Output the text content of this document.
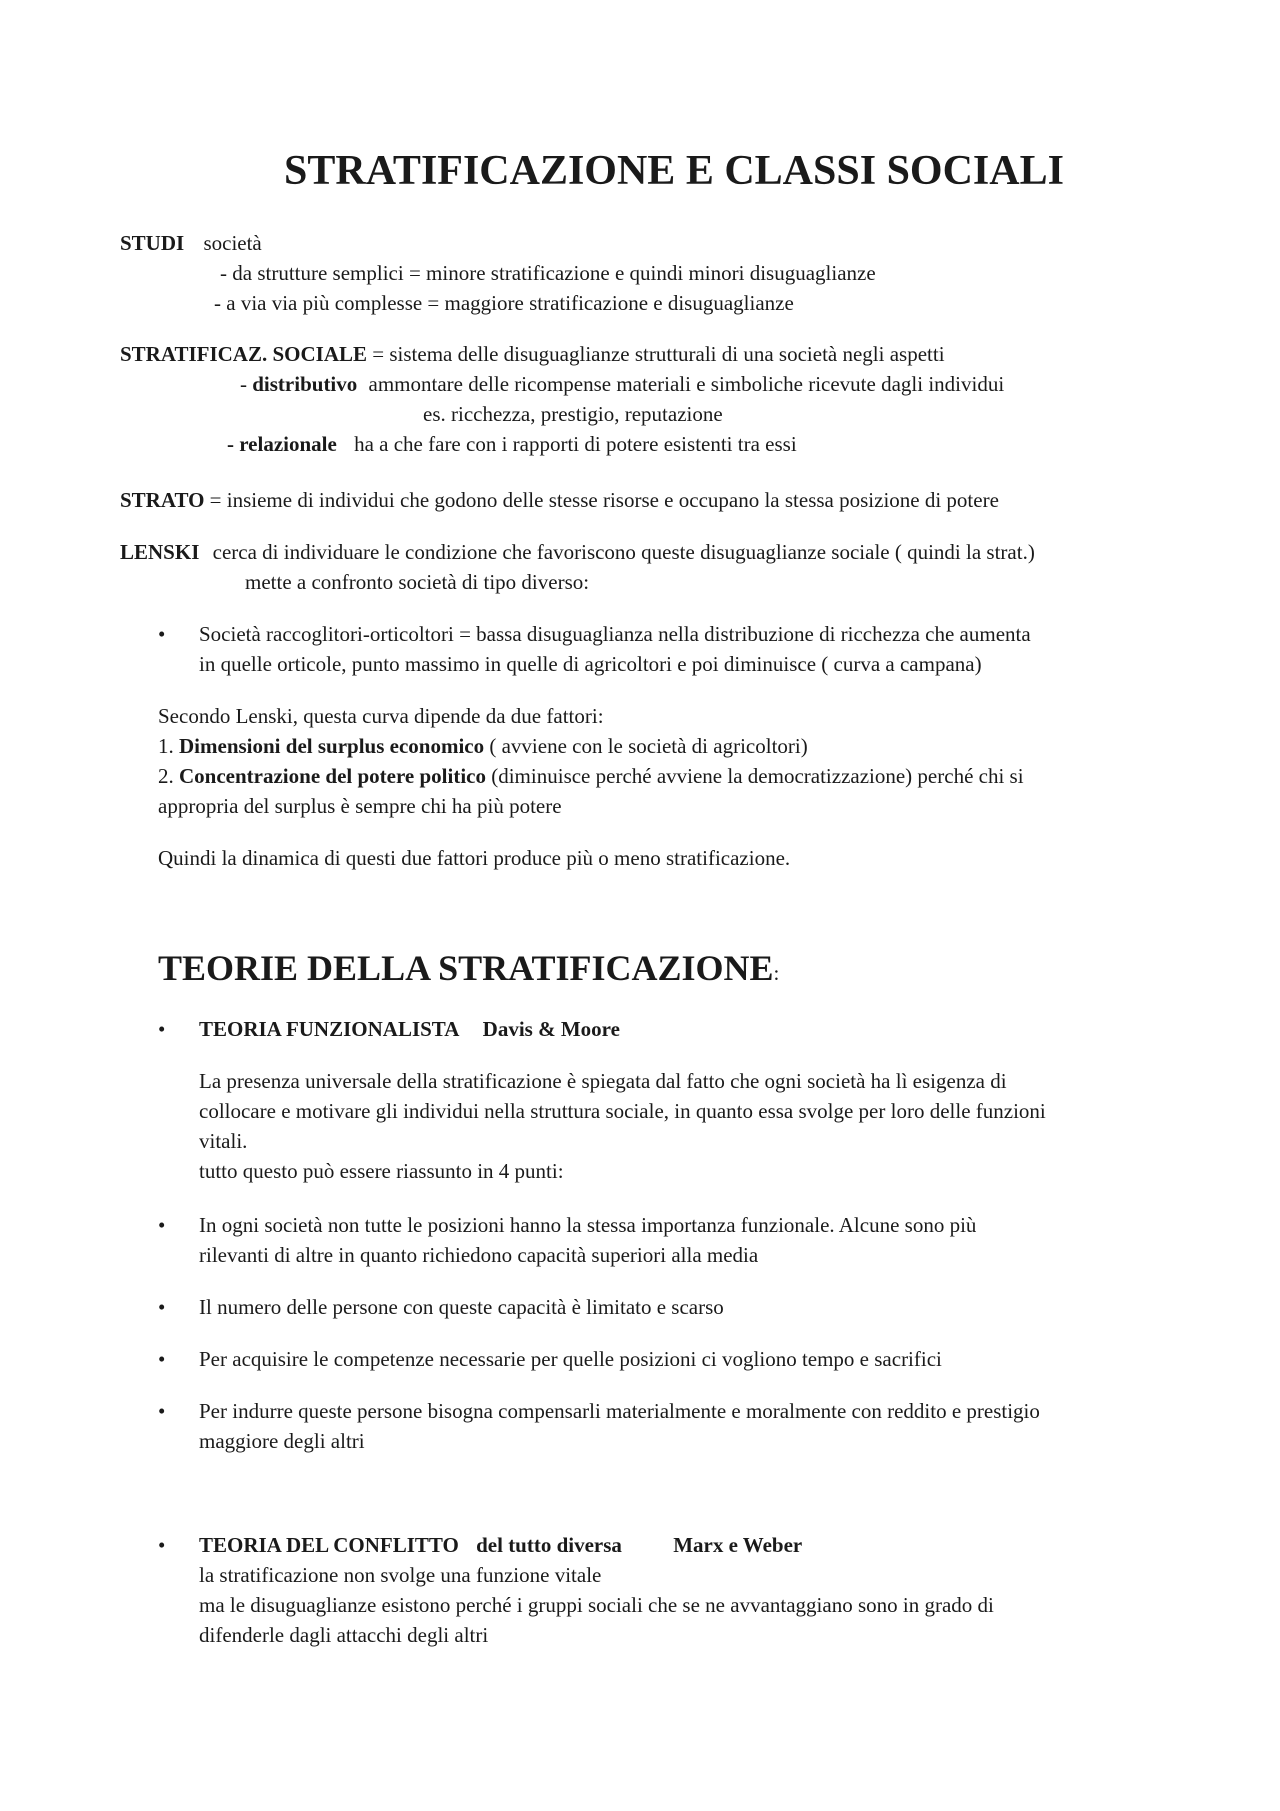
STRATIFICAZIONE E CLASSI SOCIALI
STUDI società
- da strutture semplici = minore stratificazione e quindi minori disuguaglianze
- a via via più complesse = maggiore stratificazione e disuguaglianze
STRATIFICAZ. SOCIALE = sistema delle disuguaglianze strutturali di una società negli aspetti
- distributivo ammontare delle ricompense materiali e simboliche ricevute dagli individui
es. ricchezza, prestigio, reputazione
- relazionale ha a che fare con i rapporti di potere esistenti tra essi
STRATO = insieme di individui che godono delle stesse risorse e occupano la stessa posizione di potere
LENSKI cerca di individuare le condizione che favoriscono queste disuguaglianze sociale ( quindi la strat.)
mette a confronto società di tipo diverso:
• Società raccoglitori-orticoltori = bassa disuguaglianza nella distribuzione di ricchezza che aumenta
in quelle orticole, punto massimo in quelle di agricoltori e poi diminuisce ( curva a campana)
Secondo Lenski, questa curva dipende da due fattori:
1. Dimensioni del surplus economico ( avviene con le società di agricoltori)
2. Concentrazione del potere politico (diminuisce perché avviene la democratizzazione) perché chi si
appropria del surplus è sempre chi ha più potere
Quindi la dinamica di questi due fattori produce più o meno stratificazione.
TEORIE DELLA STRATIFICAZIONE:
• TEORIA FUNZIONALISTA Davis & Moore
La presenza universale della stratificazione è spiegata dal fatto che ogni società ha lì esigenza di
collocare e motivare gli individui nella struttura sociale, in quanto essa svolge per loro delle funzioni
vitali.
tutto questo può essere riassunto in 4 punti:
• In ogni società non tutte le posizioni hanno la stessa importanza funzionale. Alcune sono più
rilevanti di altre in quanto richiedono capacità superiori alla media
• Il numero delle persone con queste capacità è limitato e scarso
• Per acquisire le competenze necessarie per quelle posizioni ci vogliono tempo e sacrifici
• Per indurre queste persone bisogna compensarli materialmente e moralmente con reddito e prestigio
maggiore degli altri
• TEORIA DEL CONFLITTO del tutto diversa Marx e Weber
la stratificazione non svolge una funzione vitale
ma le disuguaglianze esistono perché i gruppi sociali che se ne avvantaggiano sono in grado di
difenderle dagli attacchi degli altri
